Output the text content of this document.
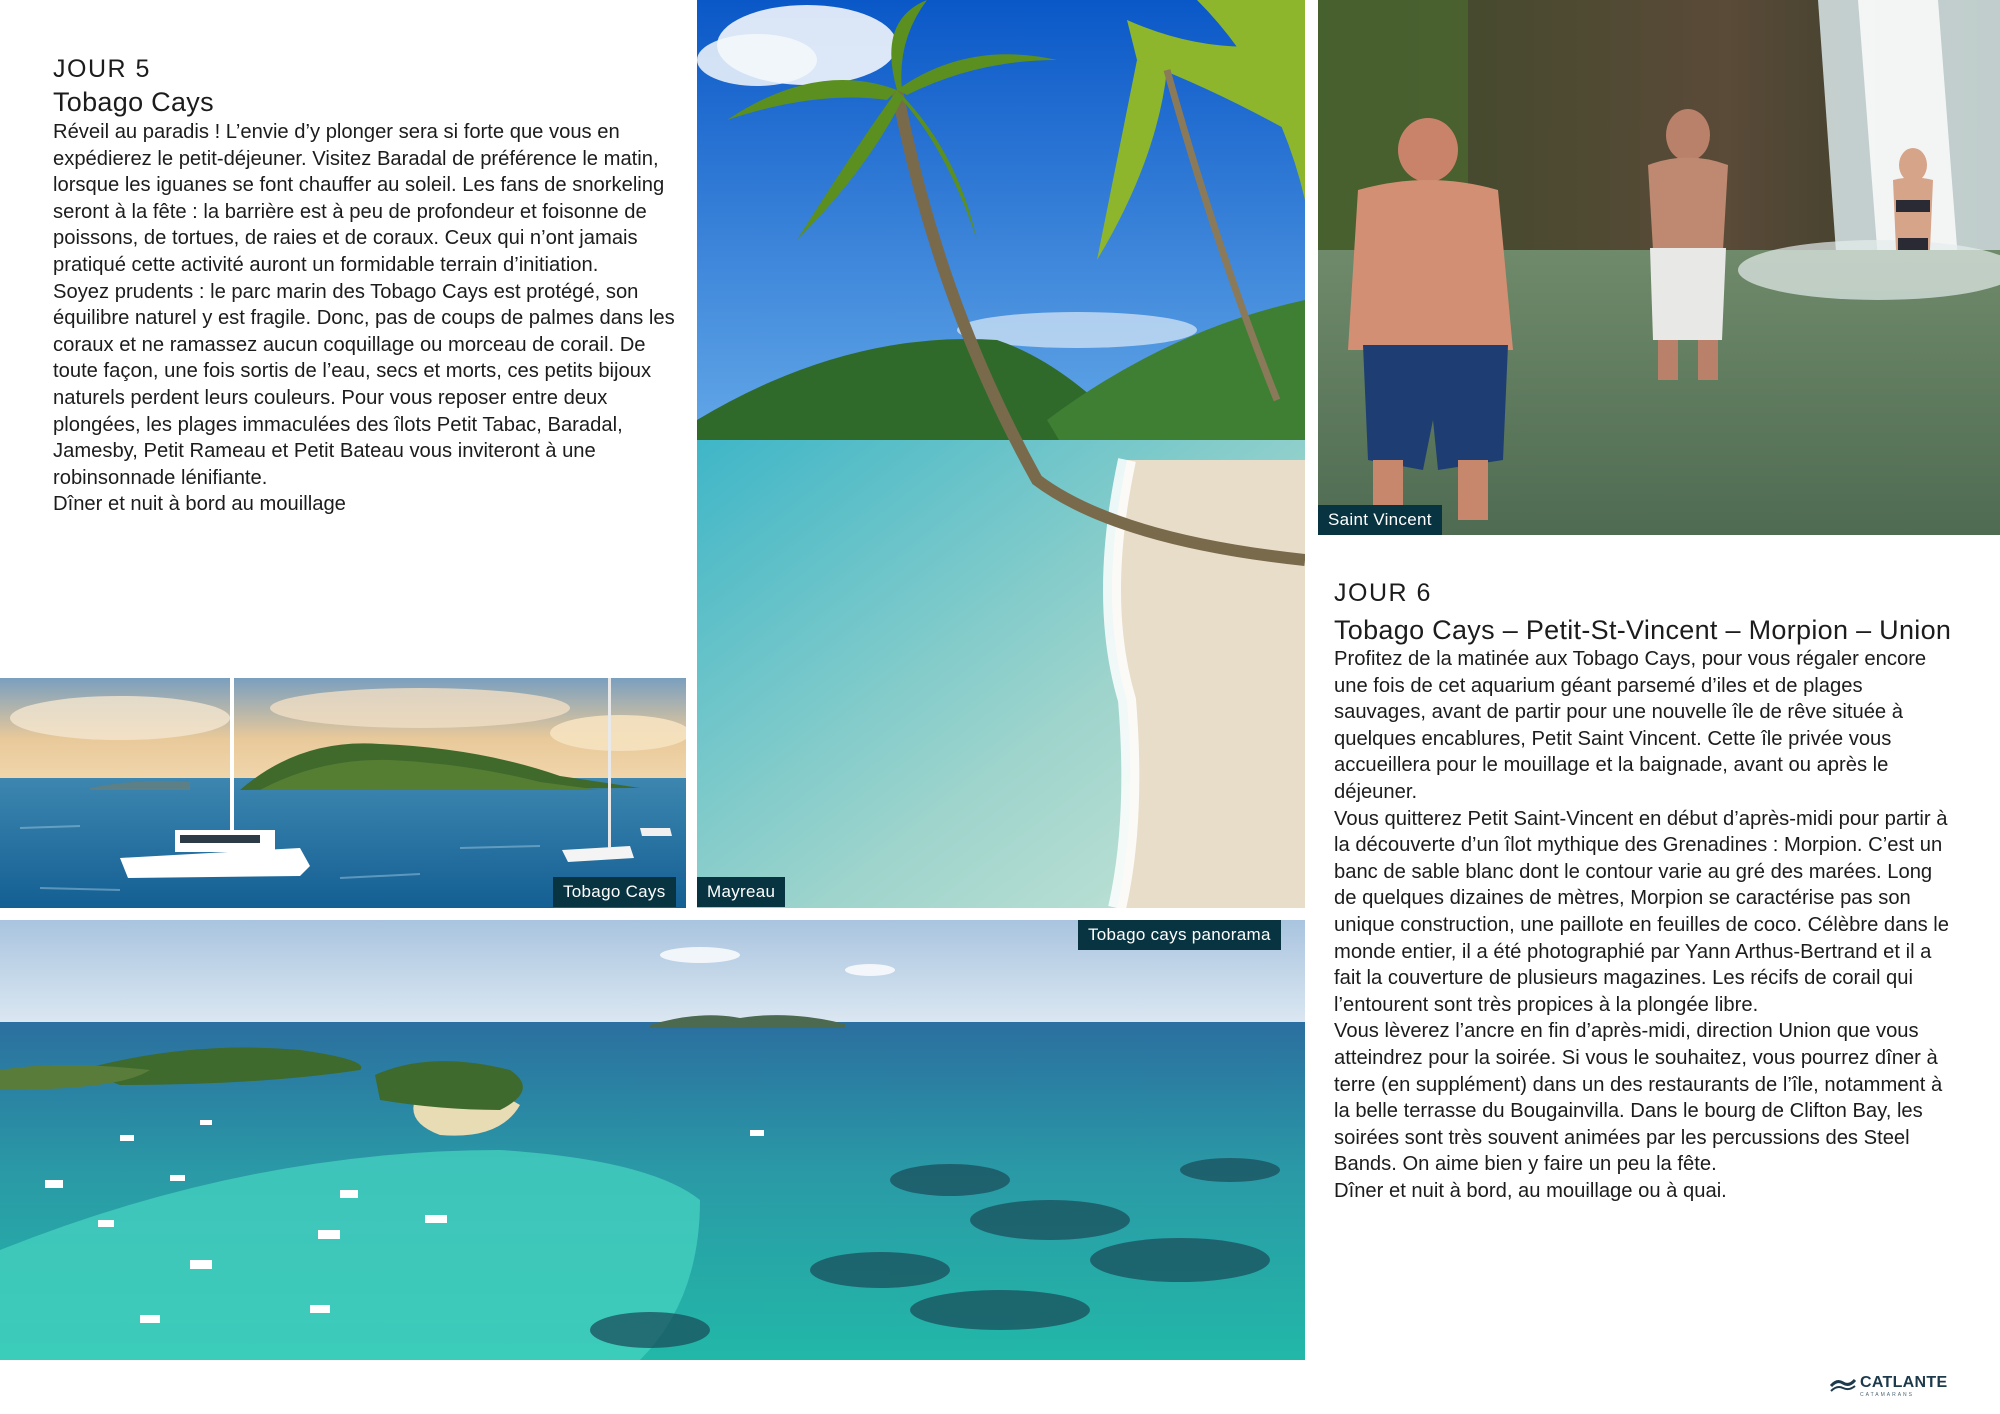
JOUR 5
Tobago Cays

Réveil au paradis ! L’envie d’y plonger sera si forte que vous en expédierez le petit-déjeuner. Visitez Baradal de préférence le matin, lorsque les iguanes se font chauffer au soleil. Les fans de snorkeling seront à la fête : la barrière est à peu de profondeur et foisonne de poissons, de tortues, de raies et de coraux. Ceux qui n’ont jamais pratiqué cette activité auront un formidable terrain d’initiation.

Soyez prudents : le parc marin des Tobago Cays est protégé, son équilibre naturel y est fragile. Donc, pas de coups de palmes dans les coraux et ne ramassez aucun coquillage ou morceau de corail. De toute façon, une fois sortis de l’eau, secs et morts, ces petits bijoux naturels perdent leurs couleurs. Pour vous reposer entre deux plongées, les plages immaculées des îlots Petit Tabac, Baradal, Jamesby, Petit Rameau et Petit Bateau vous inviteront à une robinsonnade lénifiante.

Dîner et nuit à bord au mouillage

Tobago Cays	Mayreau
Saint Vincent
Tobago cays panorama
JOUR 6
Tobago Cays – Petit-St-Vincent – Morpion – Union

Profitez de la matinée aux Tobago Cays, pour vous régaler encore une fois de cet aquarium géant parsemé d’iles et de plages sauvages, avant de partir pour une nouvelle île de rêve située à quelques encablures, Petit Saint Vincent. Cette île privée vous accueillera pour le mouillage et la baignade, avant ou après le déjeuner.

Vous quitterez Petit Saint-Vincent en début d’après-midi pour partir à la découverte d’un îlot mythique des Grenadines : Morpion. C’est un banc de sable blanc dont le contour varie au gré des marées. Long de quelques dizaines de mètres, Morpion se caractérise pas son unique construction, une paillote en feuilles de coco. Célèbre dans le monde entier, il a été photographié par Yann Arthus-Bertrand et il a fait la couverture de plusieurs magazines. Les récifs de corail qui l’entourent sont très propices à la plongée libre.

Vous lèverez l’ancre en fin d’après-midi, direction Union que vous atteindrez pour la soirée. Si vous le souhaitez, vous pourrez dîner à terre (en supplément) dans un des restaurants de l’île, notamment à la belle terrasse du Bougainvilla. Dans le bourg de Clifton Bay, les soirées sont très souvent animées par les percussions des Steel Bands. On aime bien y faire un peu la fête.

Dîner et nuit à bord, au mouillage ou à quai.

CATLANTE
CATAMARANS
